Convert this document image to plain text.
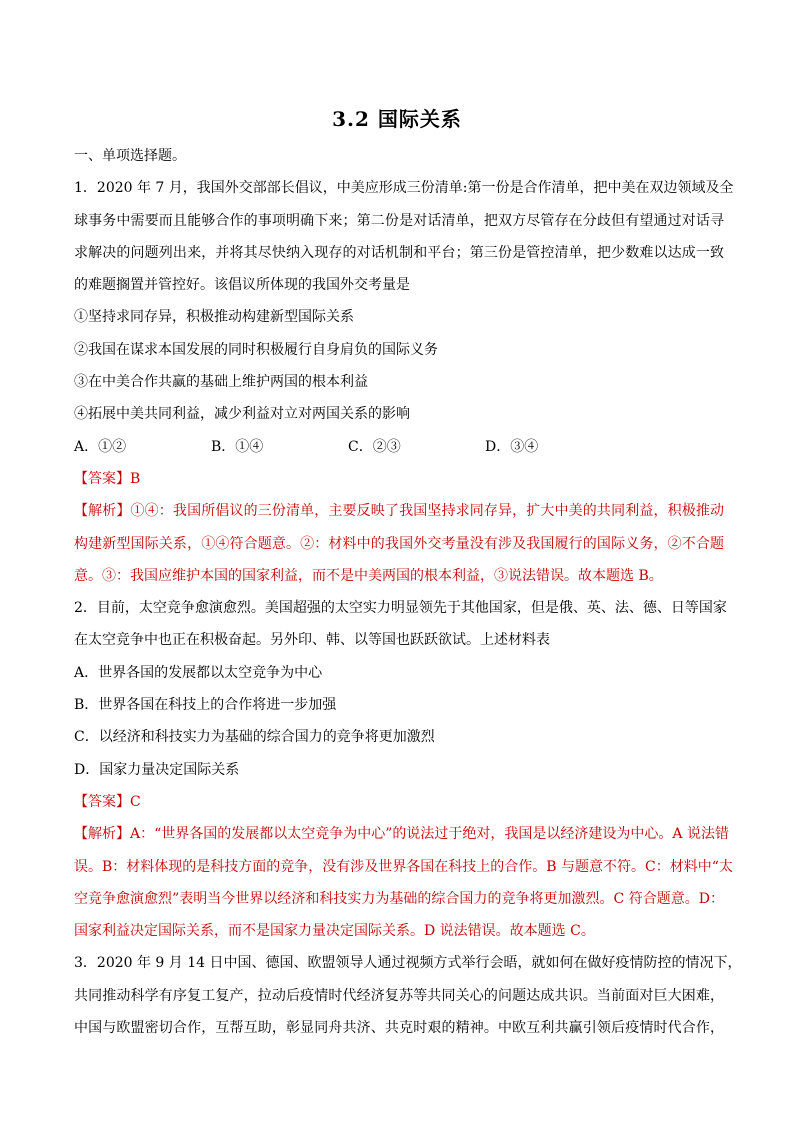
3.2 国际关系
一、单项选择题。
1．2020 年 7 月，我国外交部部长倡议，中美应形成三份清单:第一份是合作清单，把中美在双边领域及全
球事务中需要而且能够合作的事项明确下来；第二份是对话清单，把双方尽管存在分歧但有望通过对话寻
求解决的问题列出来，并将其尽快纳入现存的对话机制和平台；第三份是管控清单，把少数难以达成一致
的难题搁置并管控好。该倡议所体现的我国外交考量是
①坚持求同存异，积极推动构建新型国际关系
②我国在谋求本国发展的同时积极履行自身肩负的国际义务
③在中美合作共赢的基础上维护两国的根本利益
④拓展中美共同利益，减少利益对立对两国关系的影响
A．①②	B．①④	C．②③	D．③④
【答案】B
【解析】①④：我国所倡议的三份清单，主要反映了我国坚持求同存异，扩大中美的共同利益，积极推动
构建新型国际关系，①④符合题意。②：材料中的我国外交考量没有涉及我国履行的国际义务，②不合题
意。③：我国应维护本国的国家利益，而不是中美两国的根本利益，③说法错误。故本题选 B。
2．目前，太空竞争愈演愈烈。美国超强的太空实力明显领先于其他国家，但是俄、英、法、德、日等国家
在太空竞争中也正在积极奋起。另外印、韩、以等国也跃跃欲试。上述材料表
A．世界各国的发展都以太空竞争为中心
B．世界各国在科技上的合作将进一步加强
C．以经济和科技实力为基础的综合国力的竞争将更加激烈
D．国家力量决定国际关系
【答案】C
【解析】A：“世界各国的发展都以太空竞争为中心”的说法过于绝对，我国是以经济建设为中心。A 说法错
误。B：材料体现的是科技方面的竞争，没有涉及世界各国在科技上的合作。B 与题意不符。C：材料中“太
空竞争愈演愈烈”表明当今世界以经济和科技实力为基础的综合国力的竞争将更加激烈。C 符合题意。D：
国家利益决定国际关系，而不是国家力量决定国际关系。D 说法错误。故本题选 C。
3．2020 年 9 月 14 日中国、德国、欧盟领导人通过视频方式举行会晤，就如何在做好疫情防控的情况下，
共同推动科学有序复工复产，拉动后疫情时代经济复苏等共同关心的问题达成共识。当前面对巨大困难，
中国与欧盟密切合作，互帮互助，彰显同舟共济、共克时艰的精神。中欧互利共赢引领后疫情时代合作，
